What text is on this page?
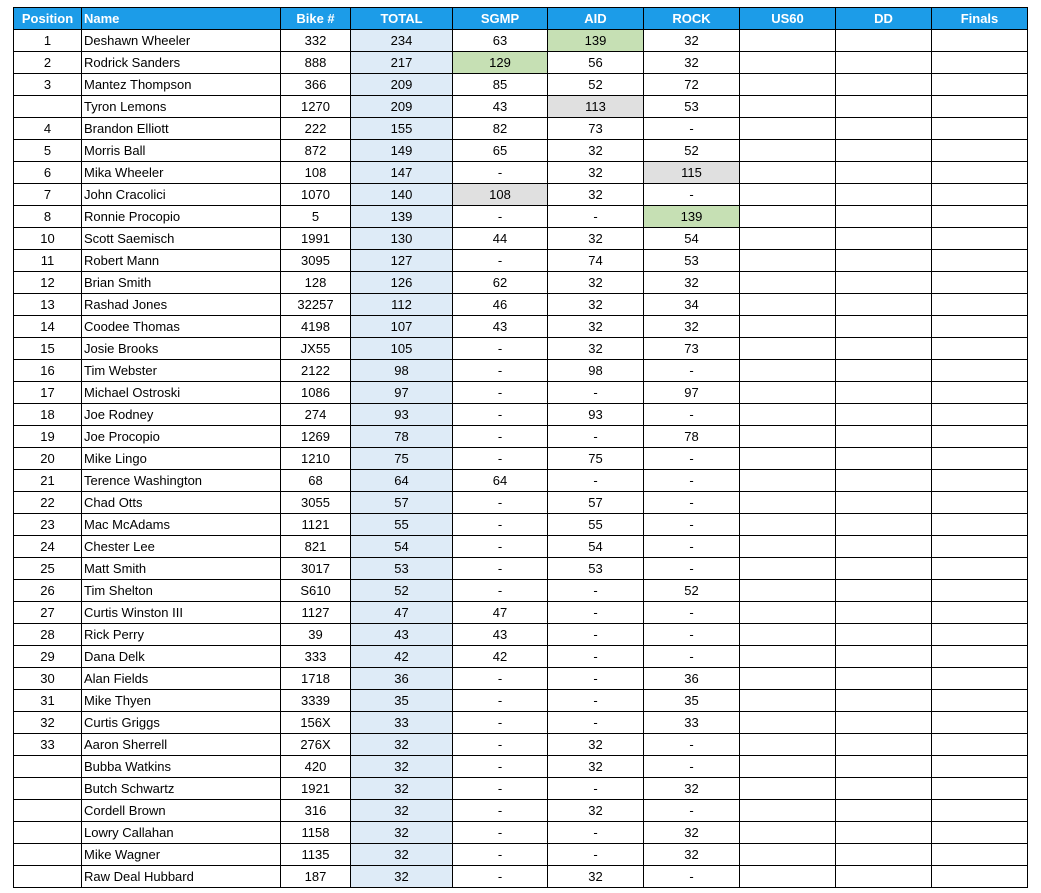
Position	Name	Bike #	TOTAL	SGMP	AID	ROCK	US60	DD	Finals
1	Deshawn Wheeler	332	234	63	139	32			
2	Rodrick Sanders	888	217	129	56	32			
3	Mantez Thompson	366	209	85	52	72			
	Tyron Lemons	1270	209	43	113	53			
4	Brandon Elliott	222	155	82	73	-			
5	Morris Ball	872	149	65	32	52			
6	Mika Wheeler	108	147	-	32	115			
7	John Cracolici	1070	140	108	32	-			
8	Ronnie Procopio	5	139	-	-	139			
10	Scott Saemisch	1991	130	44	32	54			
11	Robert Mann	3095	127	-	74	53			
12	Brian Smith	128	126	62	32	32			
13	Rashad Jones	32257	112	46	32	34			
14	Coodee Thomas	4198	107	43	32	32			
15	Josie Brooks	JX55	105	-	32	73			
16	Tim Webster	2122	98	-	98	-			
17	Michael Ostroski	1086	97	-	-	97			
18	Joe Rodney	274	93	-	93	-			
19	Joe Procopio	1269	78	-	-	78			
20	Mike Lingo	1210	75	-	75	-			
21	Terence Washington	68	64	64	-	-			
22	Chad Otts	3055	57	-	57	-			
23	Mac McAdams	1121	55	-	55	-			
24	Chester Lee	821	54	-	54	-			
25	Matt Smith	3017	53	-	53	-			
26	Tim Shelton	S610	52	-	-	52			
27	Curtis Winston III	1127	47	47	-	-			
28	Rick Perry	39	43	43	-	-			
29	Dana Delk	333	42	42	-	-			
30	Alan Fields	1718	36	-	-	36			
31	Mike Thyen	3339	35	-	-	35			
32	Curtis Griggs	156X	33	-	-	33			
33	Aaron Sherrell	276X	32	-	32	-			
	Bubba Watkins	420	32	-	32	-			
	Butch Schwartz	1921	32	-	-	32			
	Cordell Brown	316	32	-	32	-			
	Lowry Callahan	1158	32	-	-	32			
	Mike Wagner	1135	32	-	-	32			
	Raw Deal Hubbard	187	32	-	32	-			
